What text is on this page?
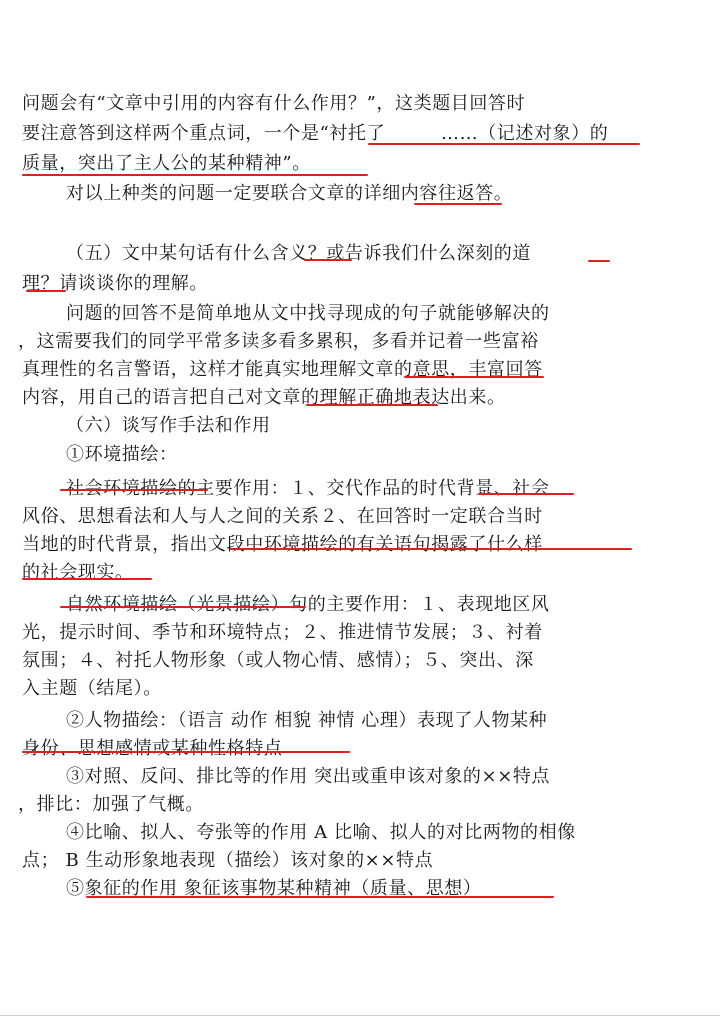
问题会有“文章中引用的内容有什么作用？”，这类题目回答时
要注意答到这样两个重点词，一个是“衬托了　　　……（记述对象）的
质量，突出了主人公的某种精神”。
对以上种类的问题一定要联合文章的详细内容往返答。
（五）文中某句话有什么含义？或告诉我们什么深刻的道
理？请谈谈你的理解。
问题的回答不是简单地从文中找寻现成的句子就能够解决的
，这需要我们的同学平常多读多看多累积，多看并记着一些富裕
真理性的名言警语，这样才能真实地理解文章的意思，丰富回答
内容，用自己的语言把自己对文章的理解正确地表达出来。
（六）谈写作手法和作用
①环境描绘：
社会环境描绘的主要作用：１、交代作品的时代背景、社会
风俗、思想看法和人与人之间的关系２、在回答时一定联合当时
当地的时代背景，指出文段中环境描绘的有关语句揭露了什么样
的社会现实。
自然环境描绘（光景描绘）句的主要作用：１、表现地区风
光，提示时间、季节和环境特点；２、推进情节发展；３、衬着
氛围；４、衬托人物形象（或人物心情、感情）；５、突出、深
入主题（结尾）。
②人物描绘：（语言 动作 相貌 神情 心理）表现了人物某种
身份、思想感情或某种性格特点
③对照、反问、排比等的作用 突出或重申该对象的××特点
，排比：加强了气概。
④比喻、拟人、夸张等的作用 A 比喻、拟人的对比两物的相像
点； B 生动形象地表现（描绘）该对象的××特点
⑤象征的作用 象征该事物某种精神（质量、思想）
